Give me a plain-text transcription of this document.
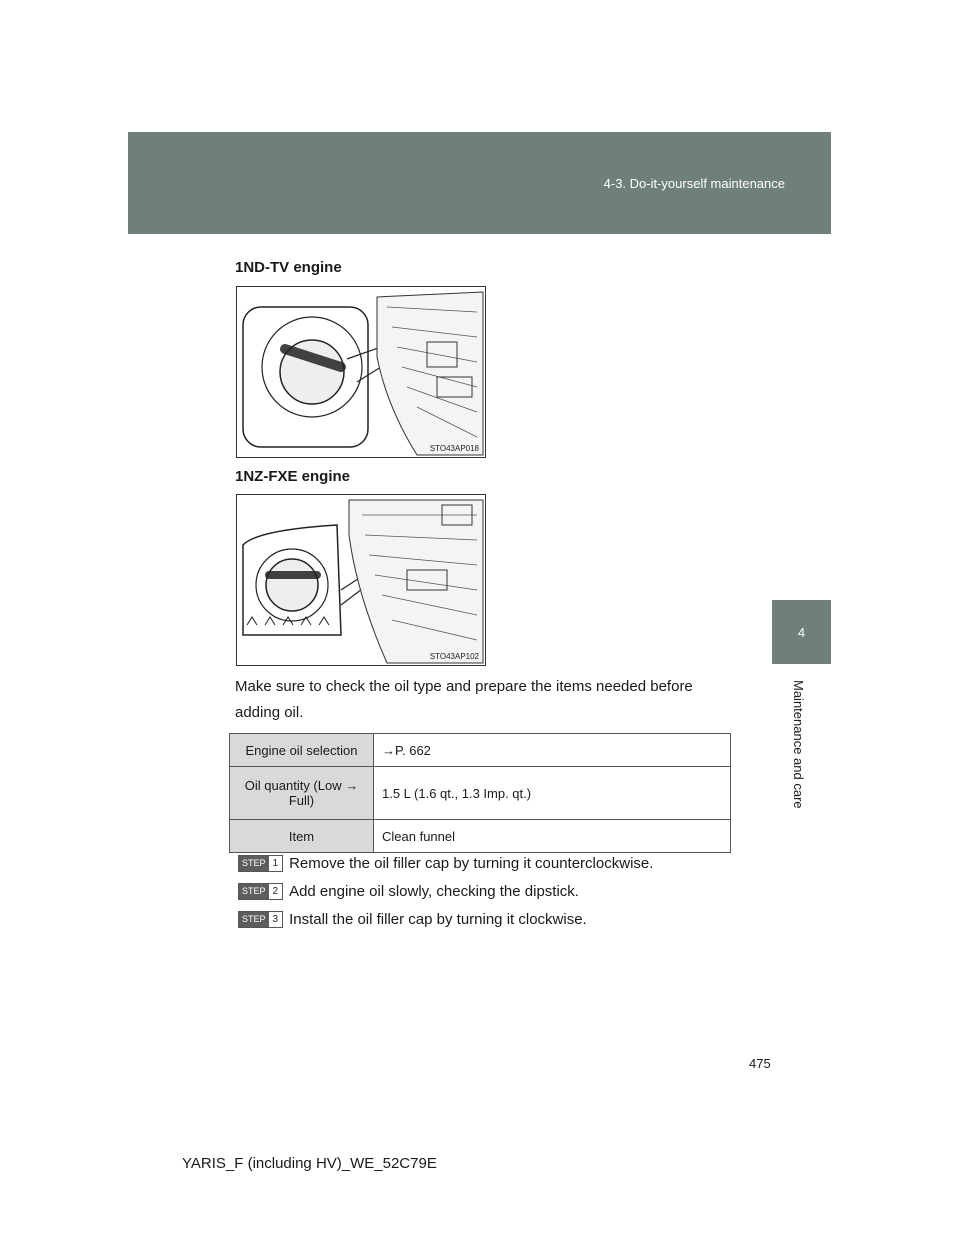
4-3. Do-it-yourself maintenance
4
Maintenance and care
1ND-TV engine
STO43AP018
1NZ-FXE engine
STO43AP102
Make sure to check the oil type and prepare the items needed before adding oil.
Engine oil selection	→P. 662
Oil quantity (Low → Full)	1.5 L (1.6 qt., 1.3 Imp. qt.)
Item	Clean funnel
STEP 1 Remove the oil filler cap by turning it counterclockwise.
STEP 2 Add engine oil slowly, checking the dipstick.
STEP 3 Install the oil filler cap by turning it clockwise.
475
YARIS_F (including HV)_WE_52C79E
